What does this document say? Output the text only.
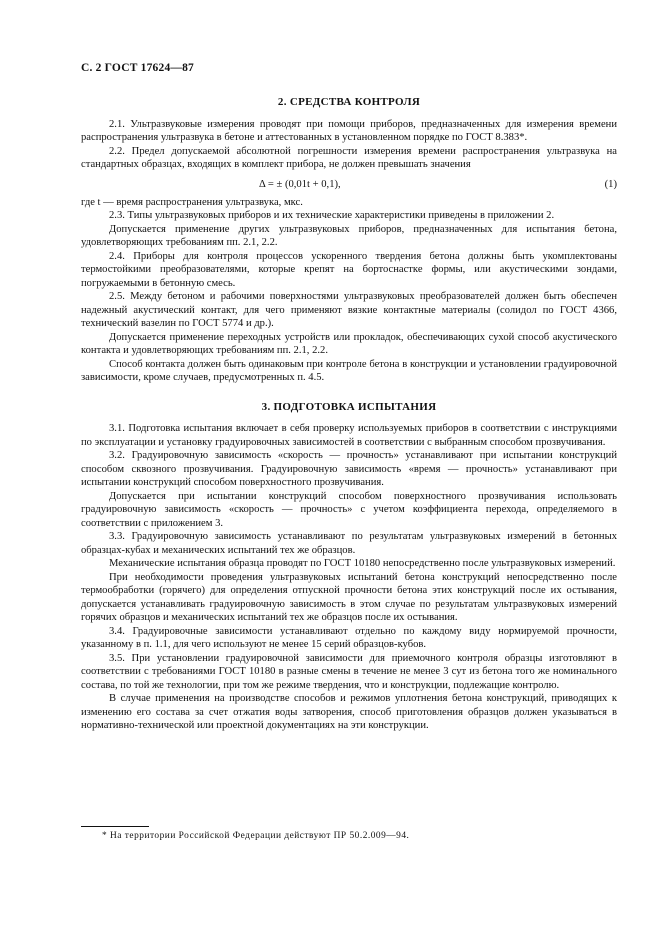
С. 2 ГОСТ 17624—87
2. СРЕДСТВА КОНТРОЛЯ

2.1. Ультразвуковые измерения проводят при помощи приборов, предназначенных для измерения времени распространения ультразвука в бетоне и аттестованных в установленном порядке по ГОСТ 8.383*.

2.2. Предел допускаемой абсолютной погрешности измерения времени распространения ультразвука на стандартных образцах, входящих в комплект прибора, не должен превышать значения

Δ = ± (0,01t + 0,1),	(1)

где t — время распространения ультразвука, мкс.

2.3. Типы ультразвуковых приборов и их технические характеристики приведены в приложении 2.

Допускается применение других ультразвуковых приборов, предназначенных для испытания бетона, удовлетворяющих требованиям пп. 2.1, 2.2.

2.4. Приборы для контроля процессов ускоренного твердения бетона должны быть укомплектованы термостойкими преобразователями, которые крепят на бортоснастке формы, или акустическими зондами, погружаемыми в бетонную смесь.

2.5. Между бетоном и рабочими поверхностями ультразвуковых преобразователей должен быть обеспечен надежный акустический контакт, для чего применяют вязкие контактные материалы (солидол по ГОСТ 4366, технический вазелин по ГОСТ 5774 и др.).

Допускается применение переходных устройств или прокладок, обеспечивающих сухой способ акустического контакта и удовлетворяющих требованиям пп. 2.1, 2.2.

Способ контакта должен быть одинаковым при контроле бетона в конструкции и установлении градуировочной зависимости, кроме случаев, предусмотренных п. 4.5.

3. ПОДГОТОВКА ИСПЫТАНИЯ

3.1. Подготовка испытания включает в себя проверку используемых приборов в соответствии с инструкциями по эксплуатации и установку градуировочных зависимостей в соответствии с выбранным способом прозвучивания.

3.2. Градуировочную зависимость «скорость — прочность» устанавливают при испытании конструкций способом сквозного прозвучивания. Градуировочную зависимость «время — прочность» устанавливают при испытании конструкций способом поверхностного прозвучивания.

Допускается при испытании конструкций способом поверхностного прозвучивания использовать градуировочную зависимость «скорость — прочность» с учетом коэффициента перехода, определяемого в соответствии с приложением 3.

3.3. Градуировочную зависимость устанавливают по результатам ультразвуковых измерений в бетонных образцах-кубах и механических испытаний тех же образцов.

Механические испытания образца проводят по ГОСТ 10180 непосредственно после ультразвуковых измерений.

При необходимости проведения ультразвуковых испытаний бетона конструкций непосредственно после термообработки (горячего) для определения отпускной прочности бетона этих конструкций после их остывания, допускается устанавливать градуировочную зависимость в этом случае по результатам ультразвуковых измерений горячих образцов и механических испытаний тех же образцов после их остывания.

3.4. Градуировочные зависимости устанавливают отдельно по каждому виду нормируемой прочности, указанному в п. 1.1, для чего используют не менее 15 серий образцов-кубов.

3.5. При установлении градуировочной зависимости для приемочного контроля образцы изготовляют в соответствии с требованиями ГОСТ 10180 в разные смены в течение не менее 3 сут из бетона того же номинального состава, по той же технологии, при том же режиме твердения, что и конструкции, подлежащие контролю.

В случае применения на производстве способов и режимов уплотнения бетона конструкций, приводящих к изменению его состава за счет отжатия воды затворения, способ приготовления образцов должен указываться в нормативно-технической или проектной документациях на эти конструкции.

* На территории Российской Федерации действуют ПР 50.2.009—94.
